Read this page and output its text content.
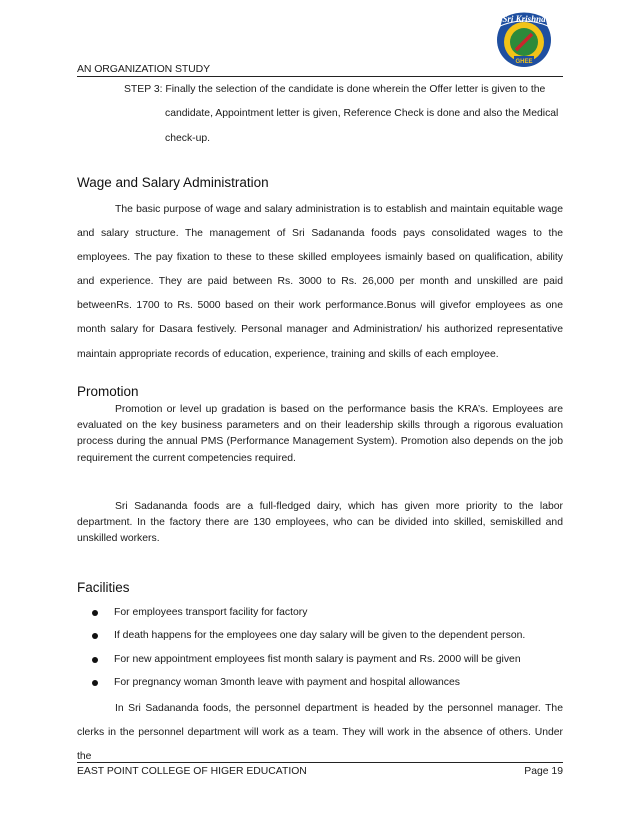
Sri Krishna
GHEE
AN ORGANIZATION STUDY
STEP 3: Finally the selection of the candidate is done wherein the Offer letter is given to the
candidate, Appointment letter is given, Reference Check is done and also the Medical
check-up.
Wage and Salary Administration
The basic purpose of wage and salary administration is to establish and maintain equitable wage and salary structure. The management of Sri Sadananda foods pays consolidated wages to the employees. The pay fixation to these to these skilled employees ismainly based on qualification, ability and experience. They are paid between Rs. 3000 to Rs. 26,000 per month and unskilled are paid betweenRs. 1700 to Rs. 5000 based on their work performance.Bonus will givefor employees as one month salary for Dasara festively. Personal manager and Administration/ his authorized representative maintain appropriate records of education, experience, training and skills of each employee.
Promotion
Promotion or level up gradation is based on the performance basis the KRA’s. Employees are evaluated on the key business parameters and on their leadership skills through a rigorous evaluation process during the annual PMS (Performance Management System). Promotion also depends on the job requirement the current competencies required.
Sri Sadananda foods are a full-fledged dairy, which has given more priority to the labor department. In the factory there are 130 employees, who can be divided into skilled, semiskilled and unskilled workers.
Facilities
For employees transport facility for factory
If death happens for the employees one day salary will be given to the dependent person.
For new appointment employees fist month salary is payment and Rs. 2000 will be given
For pregnancy woman 3month leave with payment and hospital allowances
In Sri Sadananda foods, the personnel department is headed by the personnel manager. The clerks in the personnel department will work as a team. They will work in the absence of others. Under the
EAST POINT COLLEGE OF HIGER EDUCATION	Page 19
